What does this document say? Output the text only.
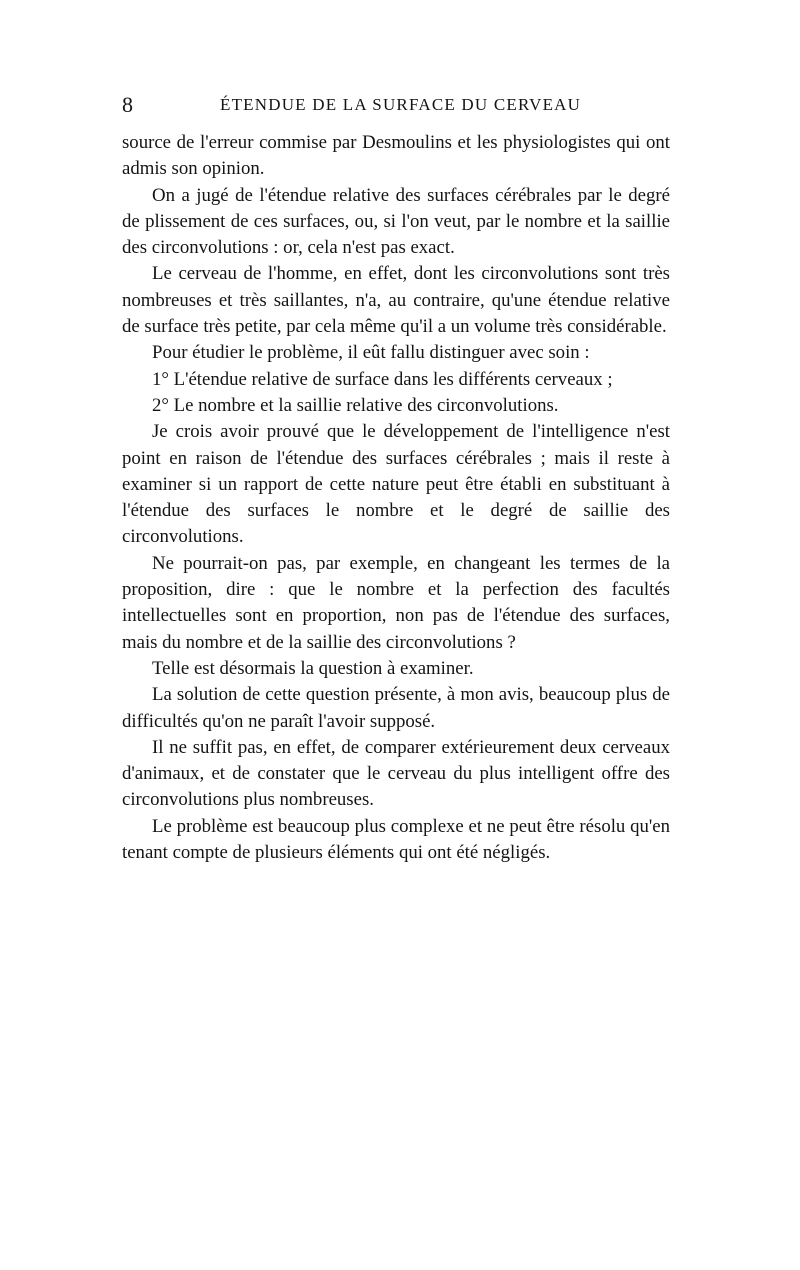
8	ÉTENDUE DE LA SURFACE DU CERVEAU

source de l'erreur commise par Desmoulins et les physiologistes qui ont admis son opinion.

On a jugé de l'étendue relative des surfaces cérébrales par le degré de plissement de ces surfaces, ou, si l'on veut, par le nombre et la saillie des circonvolutions : or, cela n'est pas exact.

Le cerveau de l'homme, en effet, dont les circonvolutions sont très nombreuses et très saillantes, n'a, au contraire, qu'une étendue relative de surface très petite, par cela même qu'il a un volume très considérable.

Pour étudier le problème, il eût fallu distinguer avec soin :

1° L'étendue relative de surface dans les différents cerveaux ;

2° Le nombre et la saillie relative des circonvolutions.

Je crois avoir prouvé que le développement de l'intelligence n'est point en raison de l'étendue des surfaces cérébrales ; mais il reste à examiner si un rapport de cette nature peut être établi en substituant à l'étendue des surfaces le nombre et le degré de saillie des circonvolutions.

Ne pourrait-on pas, par exemple, en changeant les termes de la proposition, dire : que le nombre et la perfection des facultés intellectuelles sont en proportion, non pas de l'étendue des surfaces, mais du nombre et de la saillie des circonvolutions ?

Telle est désormais la question à examiner.

La solution de cette question présente, à mon avis, beaucoup plus de difficultés qu'on ne paraît l'avoir supposé.

Il ne suffit pas, en effet, de comparer extérieurement deux cerveaux d'animaux, et de constater que le cerveau du plus intelligent offre des circonvolutions plus nombreuses.

Le problème est beaucoup plus complexe et ne peut être résolu qu'en tenant compte de plusieurs éléments qui ont été négligés.
